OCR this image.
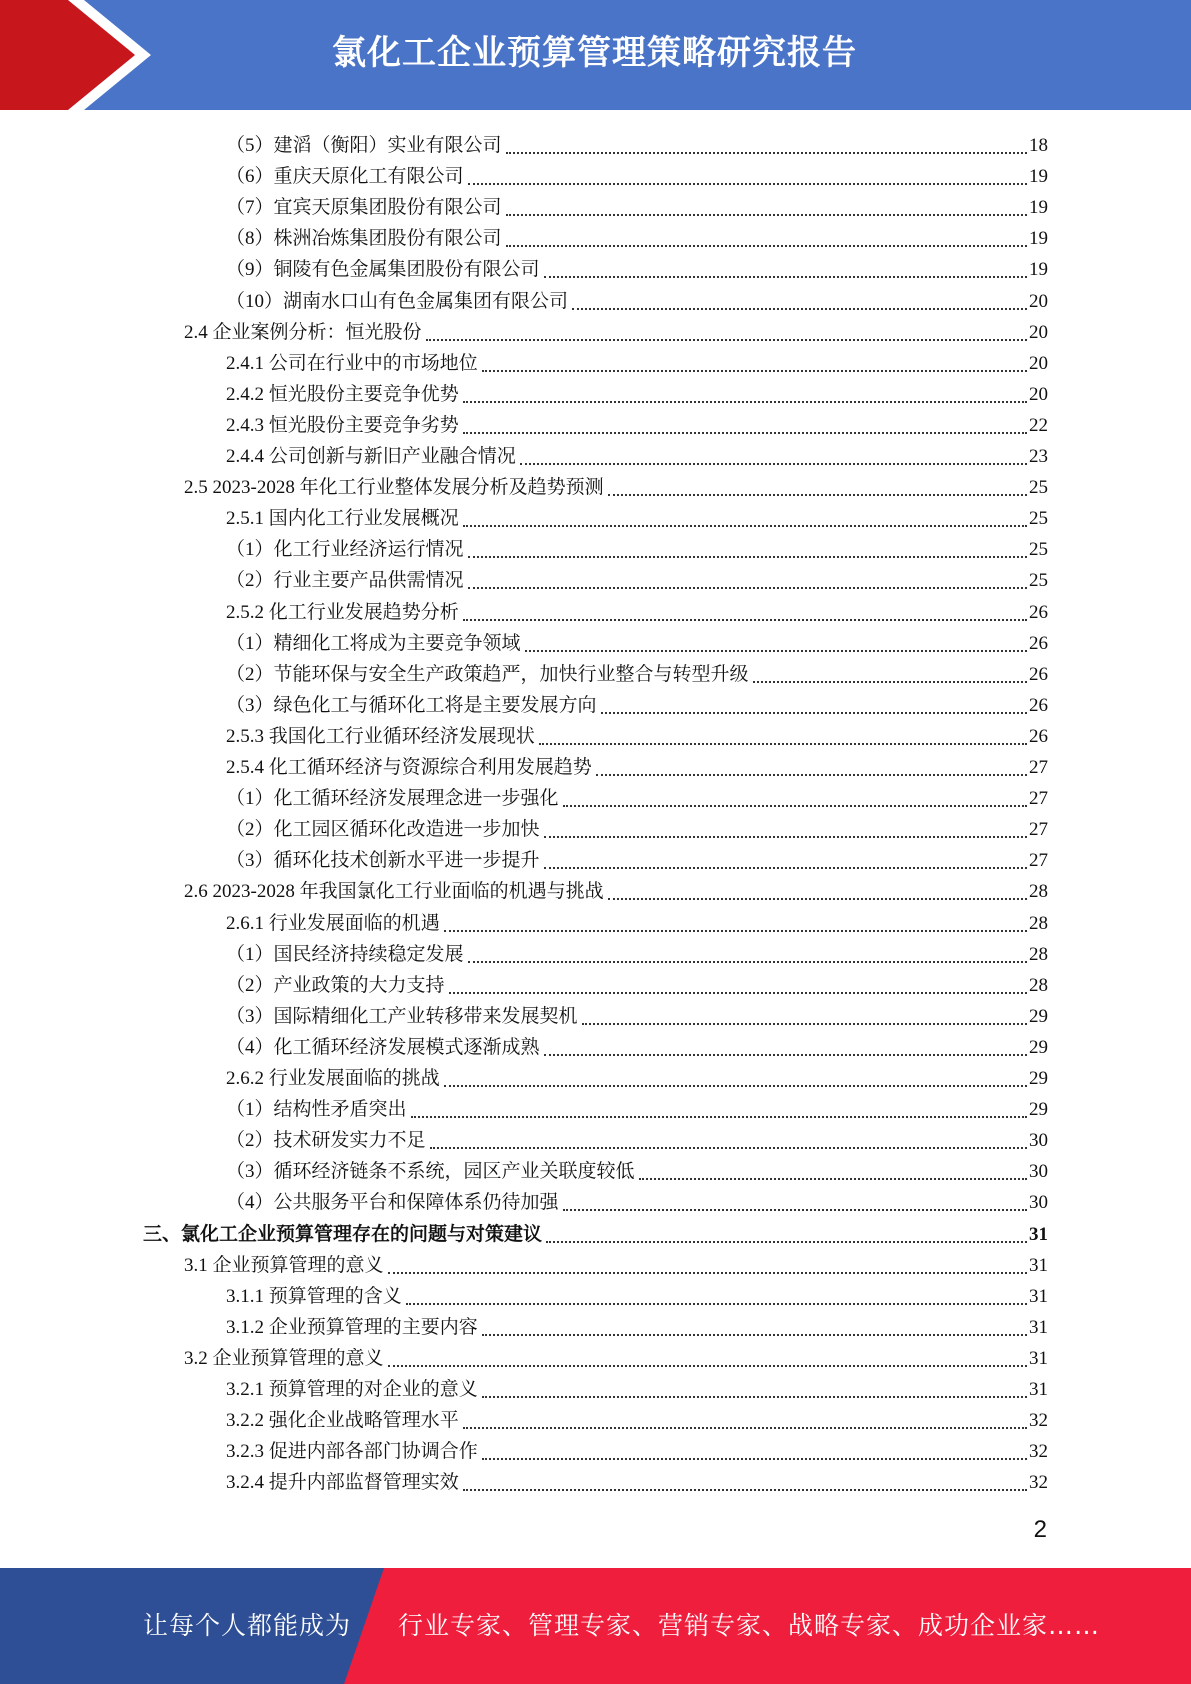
氯化工企业预算管理策略研究报告
（5）建滔（衡阳）实业有限公司	18
（6）重庆天原化工有限公司	19
（7）宜宾天原集团股份有限公司	19
（8）株洲冶炼集团股份有限公司	19
（9）铜陵有色金属集团股份有限公司	19
（10）湖南水口山有色金属集团有限公司	20
2.4 企业案例分析：恒光股份	20
2.4.1 公司在行业中的市场地位	20
2.4.2 恒光股份主要竞争优势	20
2.4.3 恒光股份主要竞争劣势	22
2.4.4 公司创新与新旧产业融合情况	23
2.5 2023-2028 年化工行业整体发展分析及趋势预测	25
2.5.1 国内化工行业发展概况	25
（1）化工行业经济运行情况	25
（2）行业主要产品供需情况	25
2.5.2 化工行业发展趋势分析	26
（1）精细化工将成为主要竞争领域	26
（2）节能环保与安全生产政策趋严，加快行业整合与转型升级	26
（3）绿色化工与循环化工将是主要发展方向	26
2.5.3 我国化工行业循环经济发展现状	26
2.5.4 化工循环经济与资源综合利用发展趋势	27
（1）化工循环经济发展理念进一步强化	27
（2）化工园区循环化改造进一步加快	27
（3）循环化技术创新水平进一步提升	27
2.6 2023-2028 年我国氯化工行业面临的机遇与挑战	28
2.6.1 行业发展面临的机遇	28
（1）国民经济持续稳定发展	28
（2）产业政策的大力支持	28
（3）国际精细化工产业转移带来发展契机	29
（4）化工循环经济发展模式逐渐成熟	29
2.6.2 行业发展面临的挑战	29
（1）结构性矛盾突出	29
（2）技术研发实力不足	30
（3）循环经济链条不系统，园区产业关联度较低	30
（4）公共服务平台和保障体系仍待加强	30
三、氯化工企业预算管理存在的问题与对策建议	31
3.1 企业预算管理的意义	31
3.1.1 预算管理的含义	31
3.1.2 企业预算管理的主要内容	31
3.2 企业预算管理的意义	31
3.2.1 预算管理的对企业的意义	31
3.2.2 强化企业战略管理水平	32
3.2.3 促进内部各部门协调合作	32
3.2.4 提升内部监督管理实效	32
2
让每个人都能成为 行业专家、管理专家、营销专家、战略专家、成功企业家……
